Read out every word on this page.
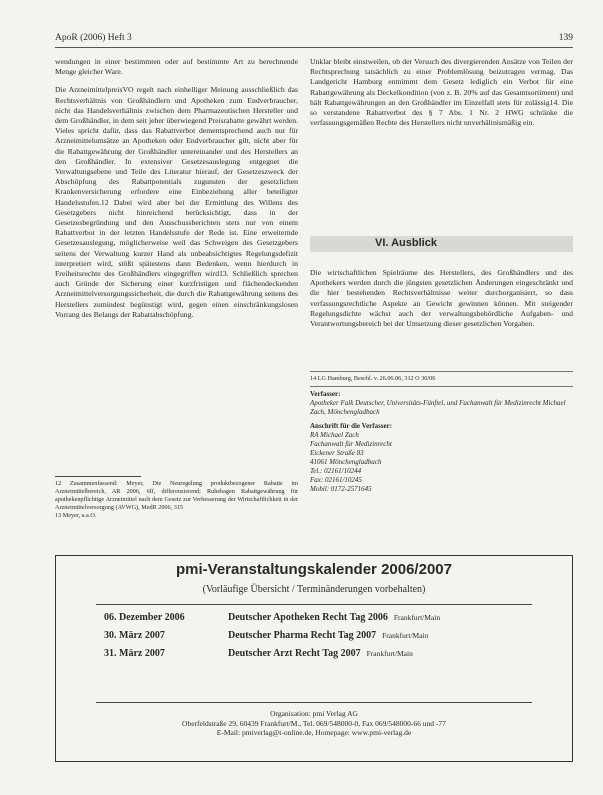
ApoR (2006) Heft 3	139

wendungen in einer bestimmten oder auf bestimmte Art zu berechnende Menge gleicher Ware.

Die ArzneimittelpreisVO regelt nach einhelliger Meinung ausschließlich das Rechtsverhältnis von Großhändlern und Apotheken zum Endverbraucher, nicht das Handelsverhältnis zwischen dem Pharmazeutischen Hersteller und dem Großhändler, in dem seit jeher überwiegend Preisrabatte gewährt werden. Vieles spricht dafür, dass das Rabattverbot dementsprechend auch nur für Arzneimittelumsätze an Apotheken oder Endverbraucher gilt, nicht aber für die Rabattgewährung der Großhändler untereinander und des Herstellers an den Großhändler. In extensiver Gesetzesauslegung entgegnet die Verwaltungsebene und Teile des Literatur hierauf, der Gesetzeszweck der Abschöpfung des Rabattpotentials zugunsten der gesetzlichen Krankenversicherung erfordere eine Einbeziehung aller beteiligter Handelsstufen.12 Dabei wird aber bei der Ermittlung des Willens des Gesetzgebers nicht hinreichend berücksichtigt, dass in der Gesetzesbegründung und den Ausschussberichten stets nur von einem Rabattverbot in der letzten Handelsstufe der Rede ist. Eine erweiternde Gesetzesauslegung, möglicherweise weil das Schweigen des Gesetzgebers seitens der Verwaltung kurzer Hand als unbeabsichtigtes Regelungsdefizit interpretiert wird, stößt spätestens dann Bedenken, wenn hierdurch in Freiheitsrechte des Großhändlers eingegriffen wird13. Schließlich sprechen auch Gründe der Sicherung einer kurzfristigen und flächendeckenden Arzneimittelversorgungssicherheit, die durch die Rabattgewährung seitens des Herstellers zumindest begünstigt wird, gegen einen einschränkungslosen Vorrang des Belangs der Rabattabschöpfung.

12 Zusammenfassend: Meyer, Die Neuregelung produktbezogener Rabatte im Arzneimittelbereich, AR 2006, 6ff, differenzierend; Ruhebagen Rabattgewährung für apothekenpflichtige Arzneimittel nach dem Gesetz zur Verbesserung der Wirtschaftlichkeit in der Arzneimittelversorgung (AVWG), MedR 2006, 315
13 Meyer, a.a.O.

Unklar bleibt einstweilen, ob der Versuch des divergierenden Ansätze von Teilen der Rechtsprechung tatsächlich zu einer Problemlösung beizutragen vermag. Das Landgericht Hamburg entnimmt dem Gesetz lediglich ein Verbot für eine Rabattgewährung als Deckelkondition (von z. B. 20% auf das Gesamtsortiment) und hält Rabattgewährungen an den Großhändler im Einzelfall stets für zulässig14. Die so verstandene Rabattverbot des § 7 Abs. 1 Nr. 2 HWG schränke die verfassungsgemäßen Rechte des Herstellers nicht unverhältnismäßig ein.

VI. Ausblick

Die wirtschaftlichen Spielräume des Herstellers, des Großhändlers und des Apothekers werden durch die jüngsten gesetzlichen Änderungen eingeschränkt und die hier bestehenden Rechtsverhältnisse weiter durchorganisiert, so dass verfassungsrechtliche Aspekte an Gewicht gewinnen können. Mit steigender Regelungsdichte wächst auch der verwaltungsbehördliche Aufgaben- und Verantwortungsbereich bei der Umsetzung dieser gesetzlichen Vorgaben.

14 LG Hamburg, Beschl. v. 26.06.06, 312 O 30/06
Verfasser:
Apotheker Falk Deutscher, Universitäts-Fünftel, und Fachanwalt für Medizinrecht Michael Zach, Mönchengladbach
Anschrift für die Verfasser:
RA Michael Zach
Fachanwalt für Medizinrecht
Eickener Straße 83
41061 Mönchengladbach
Tel.: 02161/10244
Fax: 02161/10245
Mobil: 0172-2571645
pmi-Veranstaltungskalender 2006/2007
(Vorläufige Übersicht / Terminänderungen vorbehalten)
06. Dezember 2006	Deutscher Apotheken Recht Tag 2006 Frankfurt/Main
30. März 2007	Deutscher Pharma Recht Tag 2007 Frankfurt/Main
31. März 2007	Deutscher Arzt Recht Tag 2007 Frankfurt/Main
Organisation: pmi Verlag AG
Oberfeldstraße 29, 60439 Frankfurt/M., Tel. 069/548000-0, Fax 069/548000-66 und -77
E-Mail: pmiverlag@t-online.de, Homepage: www.pmi-verlag.de
